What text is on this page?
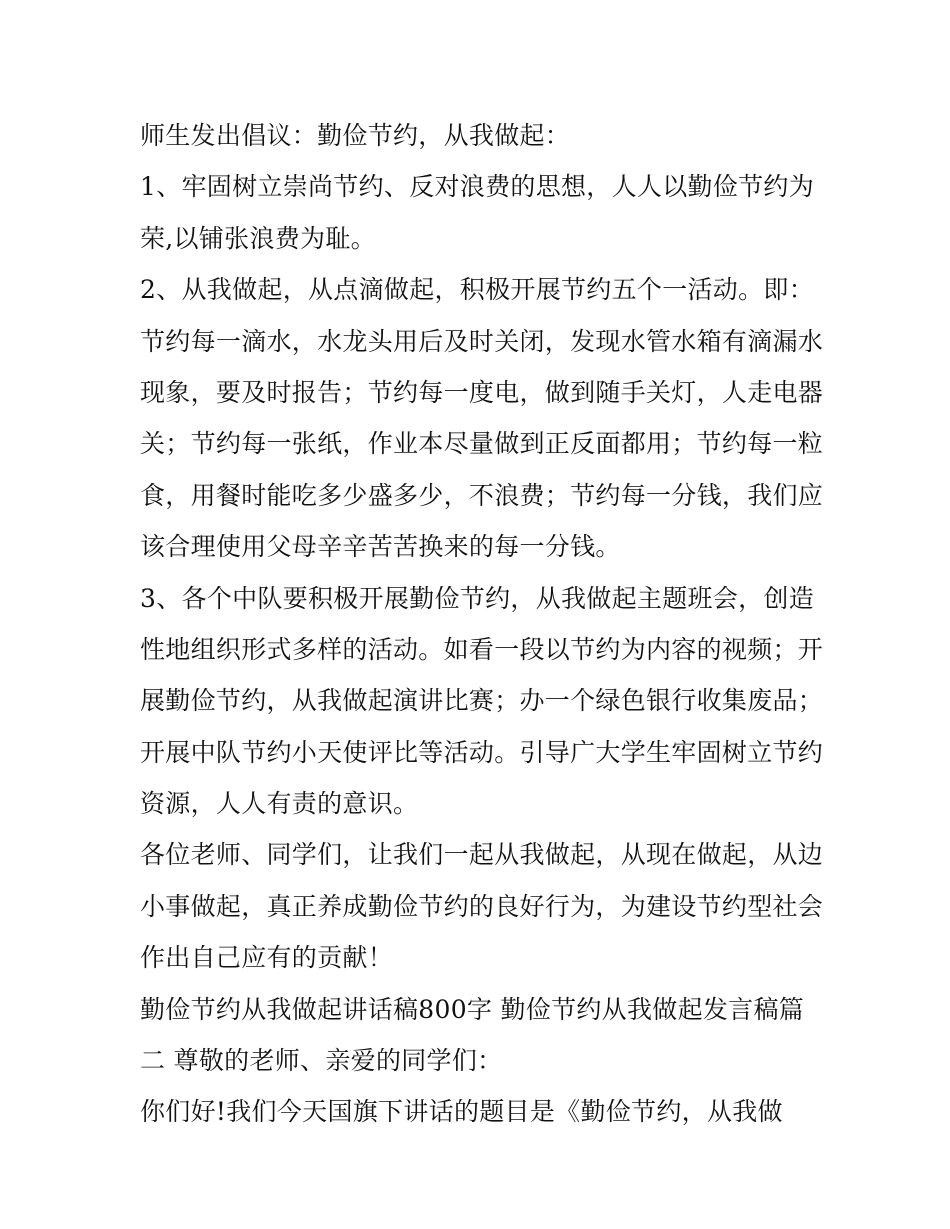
师生发出倡议：勤俭节约，从我做起：
1、牢固树立崇尚节约、反对浪费的思想，人人以勤俭节约为
荣,以铺张浪费为耻。
2、从我做起，从点滴做起，积极开展节约五个一活动。即：
节约每一滴水，水龙头用后及时关闭，发现水管水箱有滴漏水
现象，要及时报告；节约每一度电，做到随手关灯，人走电器
关；节约每一张纸，作业本尽量做到正反面都用；节约每一粒
食，用餐时能吃多少盛多少，不浪费；节约每一分钱，我们应
该合理使用父母辛辛苦苦换来的每一分钱。
3、各个中队要积极开展勤俭节约，从我做起主题班会，创造
性地组织形式多样的活动。如看一段以节约为内容的视频；开
展勤俭节约，从我做起演讲比赛；办一个绿色银行收集废品；
开展中队节约小天使评比等活动。引导广大学生牢固树立节约
资源，人人有责的意识。
各位老师、同学们，让我们一起从我做起，从现在做起，从边
小事做起，真正养成勤俭节约的良好行为，为建设节约型社会
作出自己应有的贡献！
勤俭节约从我做起讲话稿800字 勤俭节约从我做起发言稿篇
二 尊敬的老师、亲爱的同学们：
你们好!我们今天国旗下讲话的题目是《勤俭节约，从我做
